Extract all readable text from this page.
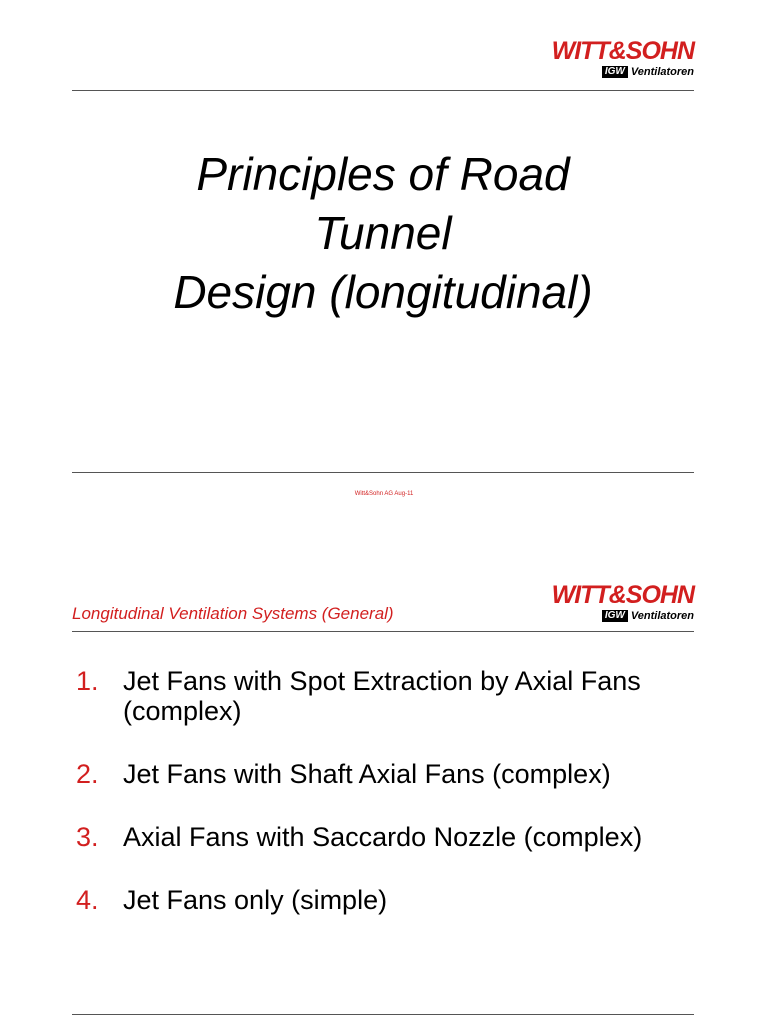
WITT&SOHN
IGW Ventilatoren
Principles of Road
Tunnel
Design (longitudinal)
Witt&Sohn AG Aug-11
WITT&SOHN
IGW Ventilatoren
Longitudinal Ventilation Systems (General)
1. Jet Fans with Spot Extraction by Axial Fans (complex)
2. Jet Fans with Shaft Axial Fans (complex)
3. Axial Fans with Saccardo Nozzle (complex)
4. Jet Fans only (simple)
